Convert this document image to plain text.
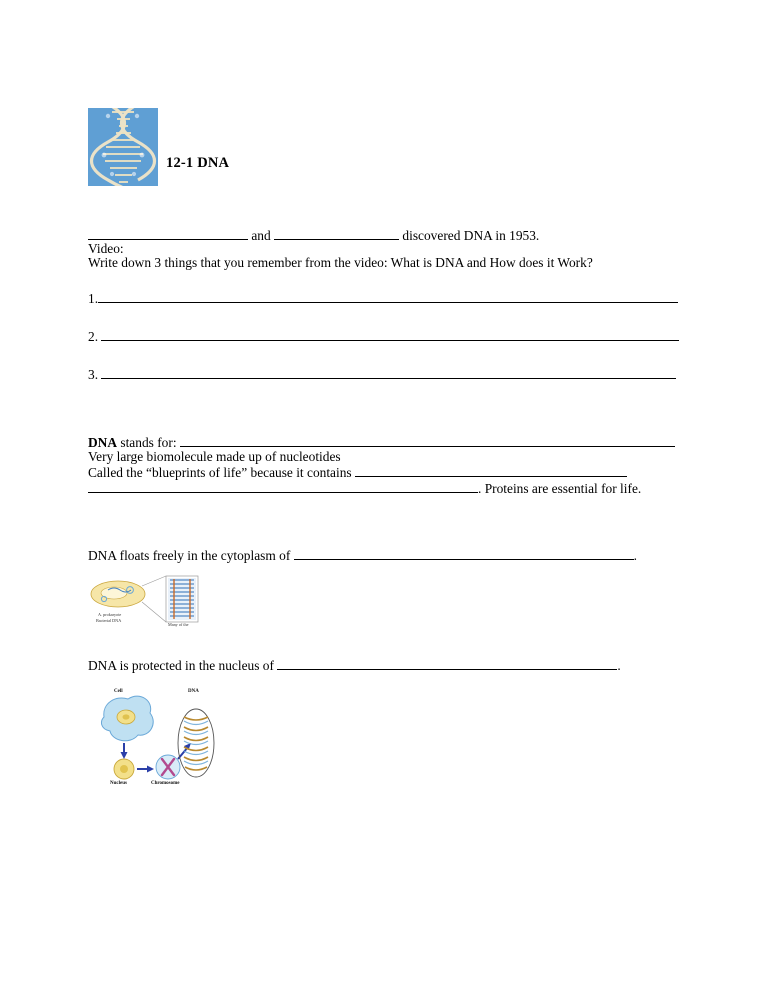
12-1 DNA

and	discovered DNA in 1953.

Video:

Write down 3 things that you remember from the video: What is DNA and How does it Work?

1.
2.
3.

DNA stands for:

Very large biomolecule made up of nucleotides

Called the “blueprints of life” because it contains

. Proteins are essential for life.

DNA floats freely in the cytoplasm of	.

A. prokaryote
Bacterial DNA
Many of the

DNA is protected in the nucleus of	.

Cell	DNA
Nucleus	Chromosome
